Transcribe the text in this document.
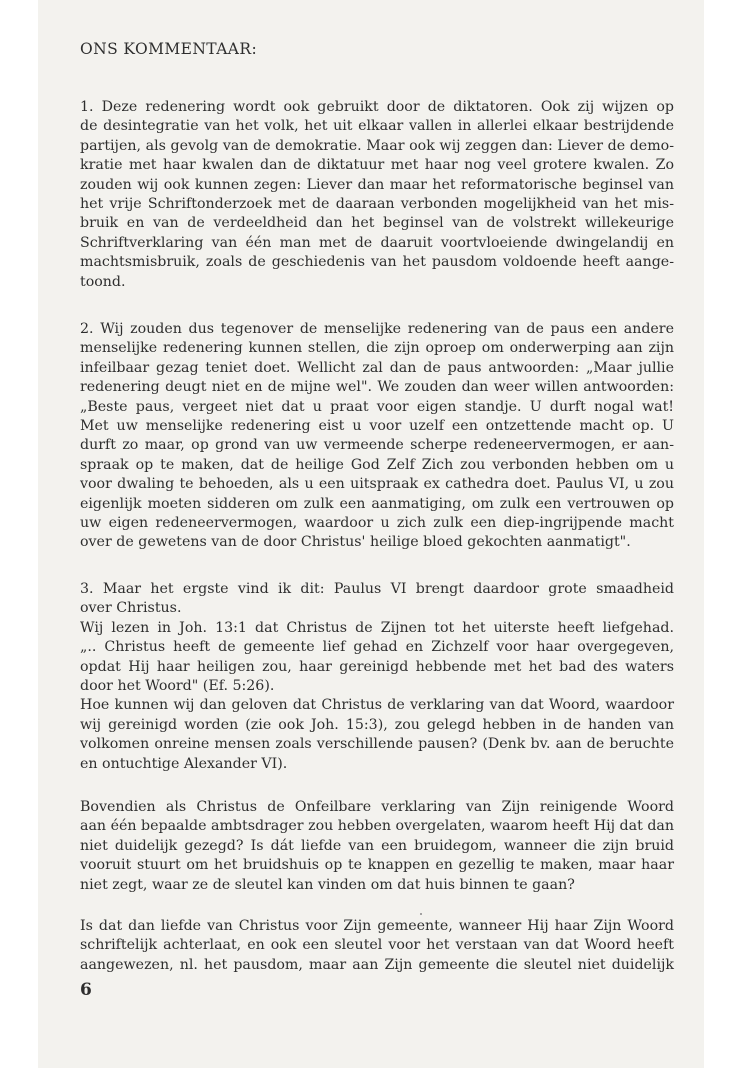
ONS KOMMENTAAR:

1. Deze redenering wordt ook gebruikt door de diktatoren. Ook zij wijzen op
de desintegratie van het volk, het uit elkaar vallen in allerlei elkaar bestrijdende
partijen, als gevolg van de demokratie. Maar ook wij zeggen dan: Liever de demo-
kratie met haar kwalen dan de diktatuur met haar nog veel grotere kwalen. Zo
zouden wij ook kunnen zegen: Liever dan maar het reformatorische beginsel van
het vrije Schriftonderzoek met de daaraan verbonden mogelijkheid van het mis-
bruik en van de verdeeldheid dan het beginsel van de volstrekt willekeurige
Schriftverklaring van één man met de daaruit voortvloeiende dwingelandij en
machtsmisbruik, zoals de geschiedenis van het pausdom voldoende heeft aange-
toond.

2. Wij zouden dus tegenover de menselijke redenering van de paus een andere
menselijke redenering kunnen stellen, die zijn oproep om onderwerping aan zijn
infeilbaar gezag teniet doet. Wellicht zal dan de paus antwoorden: „Maar jullie
redenering deugt niet en de mijne wel". We zouden dan weer willen antwoorden:
„Beste paus, vergeet niet dat u praat voor eigen standje. U durft nogal wat!
Met uw menselijke redenering eist u voor uzelf een ontzettende macht op. U
durft zo maar, op grond van uw vermeende scherpe redeneervermogen, er aan-
spraak op te maken, dat de heilige God Zelf Zich zou verbonden hebben om u
voor dwaling te behoeden, als u een uitspraak ex cathedra doet. Paulus VI, u zou
eigenlijk moeten sidderen om zulk een aanmatiging, om zulk een vertrouwen op
uw eigen redeneervermogen, waardoor u zich zulk een diep-ingrijpende macht
over de gewetens van de door Christus' heilige bloed gekochten aanmatigt".

3. Maar het ergste vind ik dit: Paulus VI brengt daardoor grote smaadheid
over Christus.
Wij lezen in Joh. 13:1 dat Christus de Zijnen tot het uiterste heeft liefgehad.
„.. Christus heeft de gemeente lief gehad en Zichzelf voor haar overgegeven,
opdat Hij haar heiligen zou, haar gereinigd hebbende met het bad des waters
door het Woord" (Ef. 5:26).
Hoe kunnen wij dan geloven dat Christus de verklaring van dat Woord, waardoor
wij gereinigd worden (zie ook Joh. 15:3), zou gelegd hebben in de handen van
volkomen onreine mensen zoals verschillende pausen? (Denk bv. aan de beruchte
en ontuchtige Alexander VI).

Bovendien als Christus de Onfeilbare verklaring van Zijn reinigende Woord
aan één bepaalde ambtsdrager zou hebben overgelaten, waarom heeft Hij dat dan
niet duidelijk gezegd? Is dát liefde van een bruidegom, wanneer die zijn bruid
vooruit stuurt om het bruidshuis op te knappen en gezellig te maken, maar haar
niet zegt, waar ze de sleutel kan vinden om dat huis binnen te gaan?

Is dat dan liefde van Christus voor Zijn gemeente, wanneer Hij haar Zijn Woord
schriftelijk achterlaat, en ook een sleutel voor het verstaan van dat Woord heeft
aangewezen, nl. het pausdom, maar aan Zijn gemeente die sleutel niet duidelijk

6
